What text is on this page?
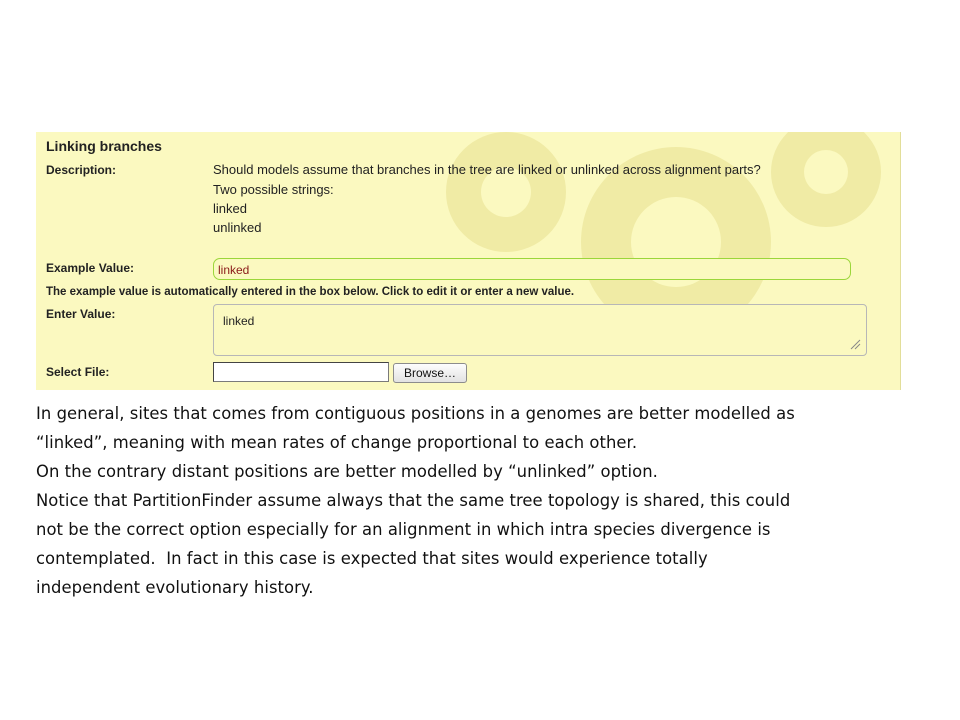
Linking branches
Description:	Should models assume that branches in the tree are linked or unlinked across alignment parts?
Two possible strings:
linked
unlinked
Example Value:	linked
The example value is automatically entered in the box below. Click to edit it or enter a new value.
Enter Value:	linked
Select File:	Browse…

In general, sites that comes from contiguous positions in a genomes are better modelled as

“linked”, meaning with mean rates of change proportional to each other.

On the contrary distant positions are better modelled by “unlinked” option.

Notice that PartitionFinder assume always that the same tree topology is shared, this could

not be the correct option especially for an alignment in which intra species divergence is

contemplated.  In fact in this case is expected that sites would experience totally

independent evolutionary history.
